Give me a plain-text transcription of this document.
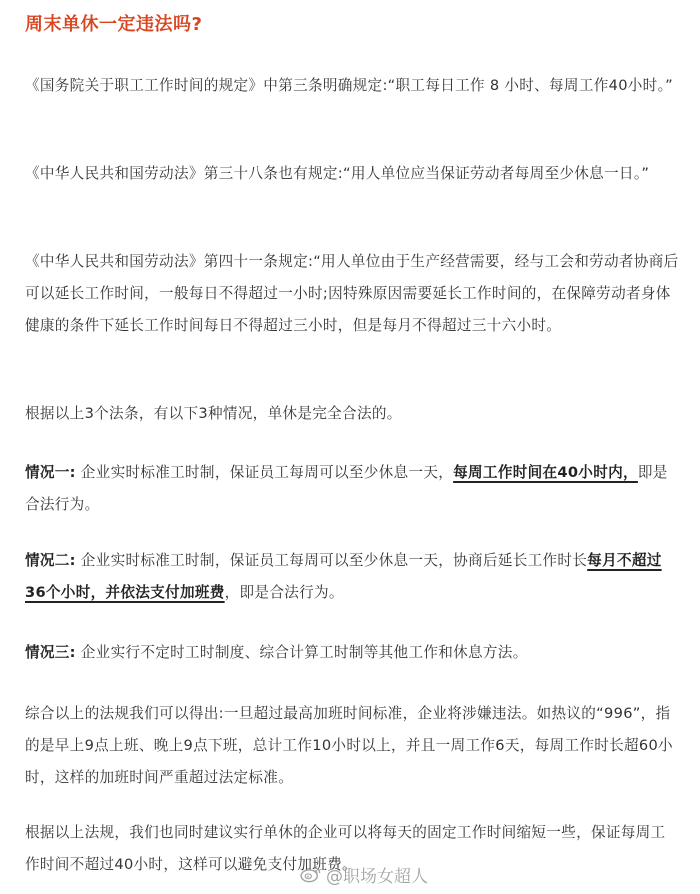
周末单休一定违法吗?
《国务院关于职工工作时间的规定》中第三条明确规定:“职工每日工作 8 小时、每周工作40小时。”
《中华人民共和国劳动法》第三十八条也有规定:“用人单位应当保证劳动者每周至少休息一日。”
《中华人民共和国劳动法》第四十一条规定:“用人单位由于生产经营需要，经与工会和劳动者协商后可以延长工作时间，一般每日不得超过一小时;因特殊原因需要延长工作时间的，在保障劳动者身体健康的条件下延长工作时间每日不得超过三小时，但是每月不得超过三十六小时。
根据以上3个法条，有以下3种情况，单休是完全合法的。
情况一: 企业实时标准工时制，保证员工每周可以至少休息一天，每周工作时间在40小时内，即是合法行为。
情况二: 企业实时标准工时制，保证员工每周可以至少休息一天，协商后延长工作时长每月不超过36个小时，并依法支付加班费，即是合法行为。
情况三: 企业实行不定时工时制度、综合计算工时制等其他工作和休息方法。
综合以上的法规我们可以得出:一旦超过最高加班时间标准，企业将涉嫌违法。如热议的“996”，指的是早上9点上班、晚上9点下班，总计工作10小时以上，并且一周工作6天，每周工作时长超60小时，这样的加班时间严重超过法定标准。
根据以上法规，我们也同时建议实行单休的企业可以将每天的固定工作时间缩短一些，保证每周工作时间不超过40小时，这样可以避免支付加班费。
@职场女超人
